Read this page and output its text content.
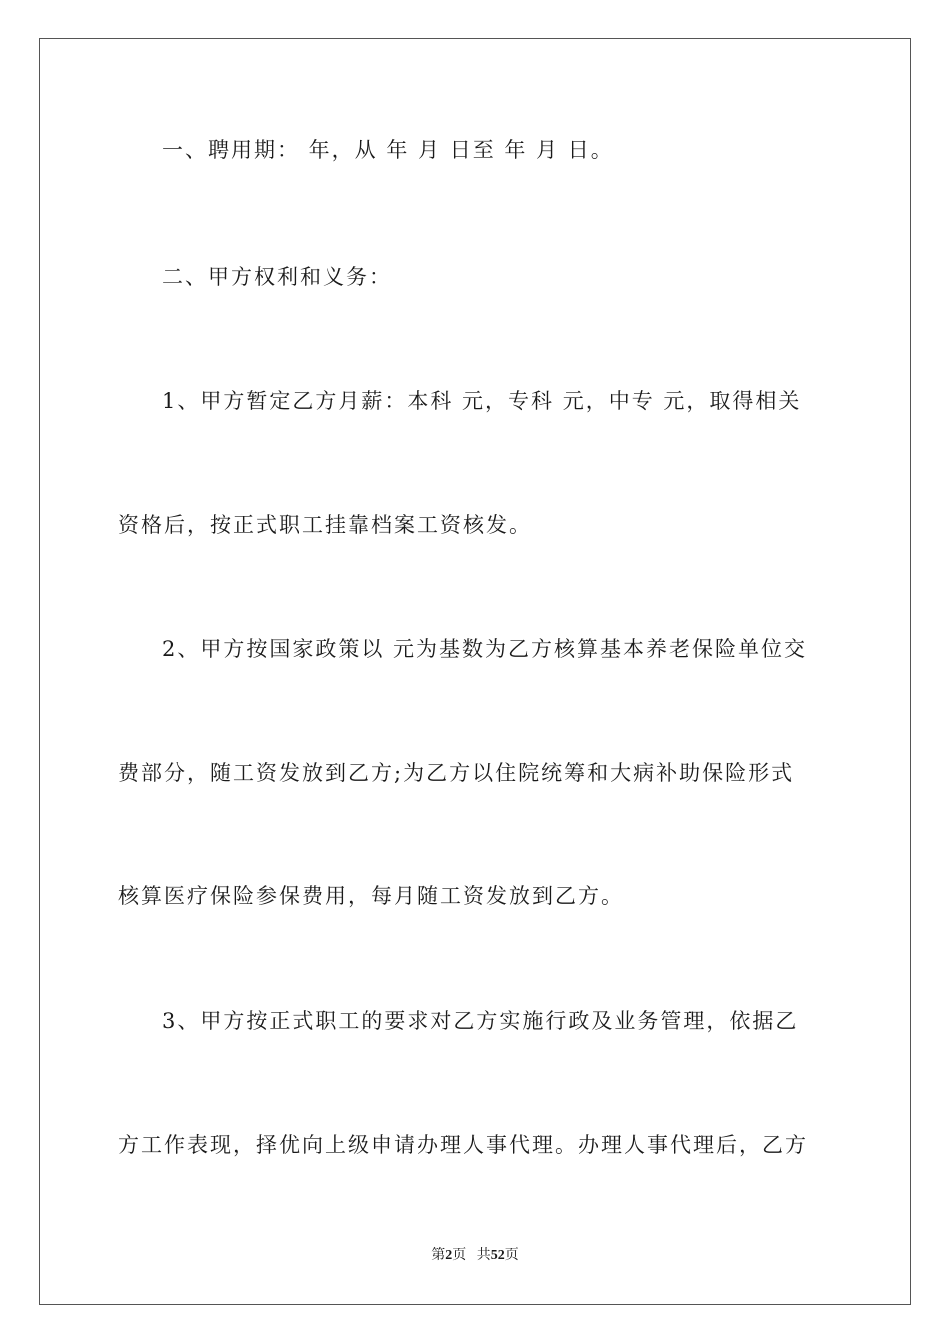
一、聘用期： 年，从 年 月 日至 年 月 日。
二、甲方权利和义务：
1、甲方暂定乙方月薪：本科 元，专科 元，中专 元，取得相关
资格后，按正式职工挂靠档案工资核发。
2、甲方按国家政策以 元为基数为乙方核算基本养老保险单位交
费部分，随工资发放到乙方;为乙方以住院统筹和大病补助保险形式
核算医疗保险参保费用，每月随工资发放到乙方。
3、甲方按正式职工的要求对乙方实施行政及业务管理，依据乙
方工作表现，择优向上级申请办理人事代理。办理人事代理后，乙方
第2页 共52页
